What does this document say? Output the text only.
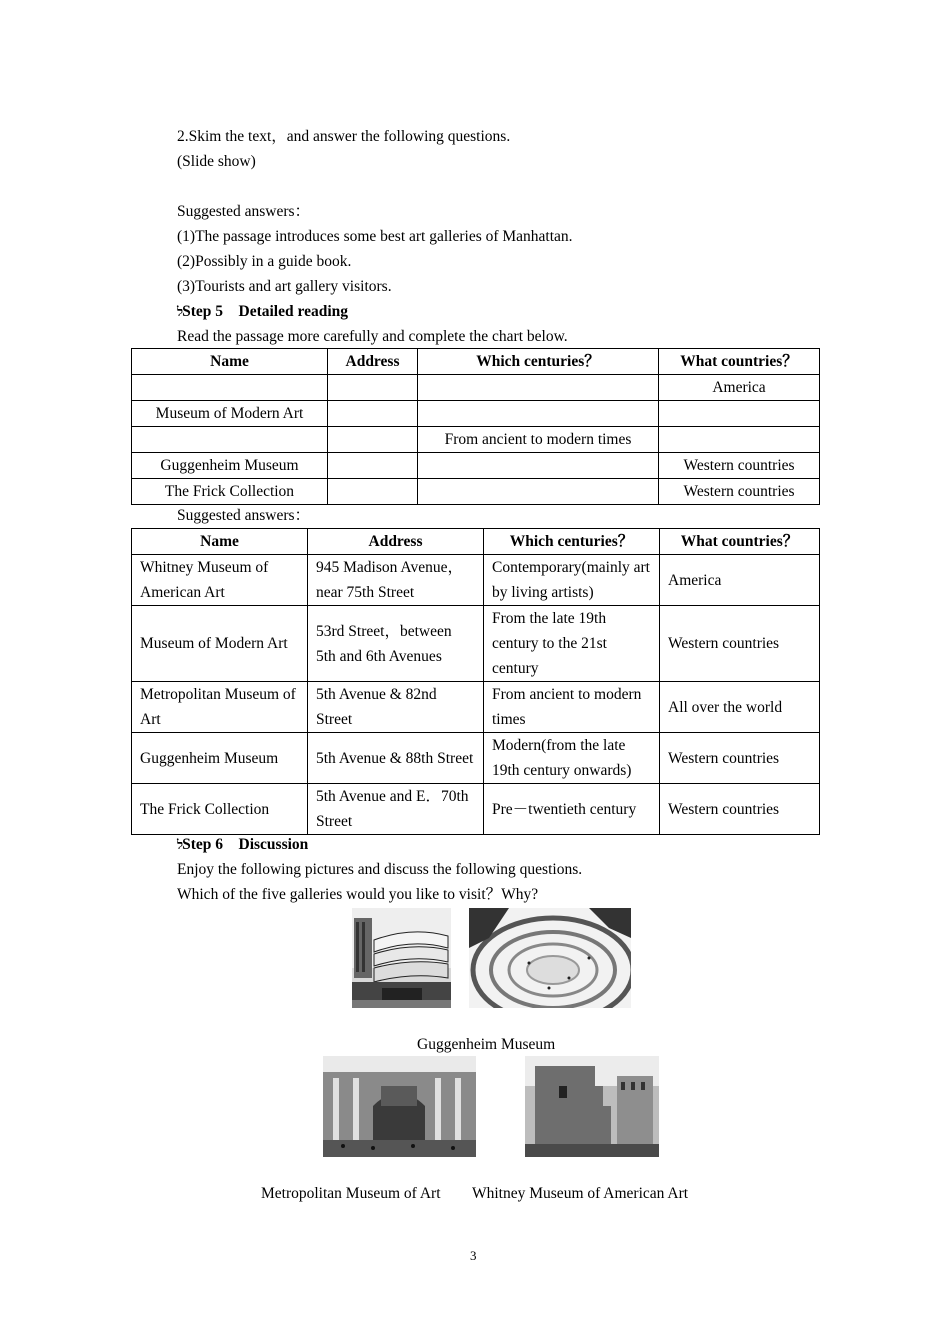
2.Skim the text，and answer the following questions.
(Slide show)
Suggested answers：
(1)The passage introduces some best art galleries of Manhattan.
(2)Possibly in a guide book.
(3)Tourists and art gallery visitors.
לStep 5　Detailed reading
Read the passage more carefully and complete the chart below.
Name	Address	Which centuries？	What countries？
			America
Museum of Modern Art			
		From ancient to modern times	
Guggenheim Museum			Western countries
The Frick Collection			Western countries
Suggested answers：
Name	Address	Which centuries？	What countries？
Whitney Museum of American Art	945 Madison Avenue，near 75th Street	Contemporary(mainly art by living artists)	America
Museum of Modern Art	53rd Street，between 5th and 6th Avenues	From the late 19th century to the 21st century	Western countries
Metropolitan Museum of Art	5th Avenue & 82nd Street	From ancient to modern times	All over the world
Guggenheim Museum	5th Avenue & 88th Street	Modern(from the late 19th century onwards)	Western countries
The Frick Collection	5th Avenue and E．70th Street	Pre－twentieth century	Western countries
לStep 6　Discussion
Enjoy the following pictures and discuss the following questions.
Which of the five galleries would you like to visit？Why?
Guggenheim Museum
Metropolitan Museum of Art Whitney Museum of American Art
3
